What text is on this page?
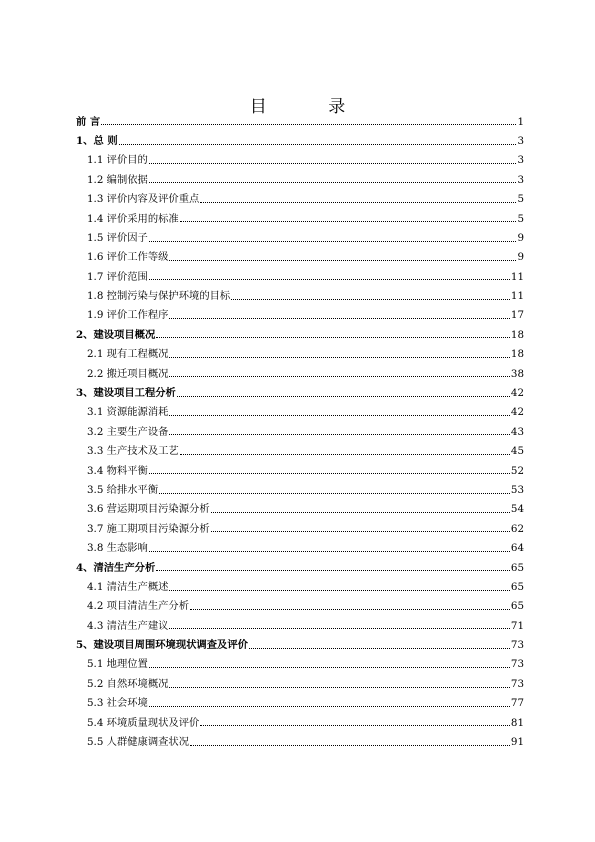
目 录
前 言	1
1、总 则	3
1.1 评价目的	3
1.2 编制依据	3
1.3 评价内容及评价重点	5
1.4 评价采用的标准	5
1.5 评价因子	9
1.6 评价工作等级	9
1.7 评价范围	11
1.8 控制污染与保护环境的目标	11
1.9 评价工作程序	17
2、建设项目概况	18
2.1 现有工程概况	18
2.2 搬迁项目概况	38
3、建设项目工程分析	42
3.1 资源能源消耗	42
3.2 主要生产设备	43
3.3 生产技术及工艺	45
3.4 物料平衡	52
3.5 给排水平衡	53
3.6 营运期项目污染源分析	54
3.7 施工期项目污染源分析	62
3.8 生态影响	64
4、清洁生产分析	65
4.1 清洁生产概述	65
4.2 项目清洁生产分析	65
4.3 清洁生产建议	71
5、建设项目周围环境现状调查及评价	73
5.1 地理位置	73
5.2 自然环境概况	73
5.3 社会环境	77
5.4 环境质量现状及评价	81
5.5 人群健康调查状况	91
